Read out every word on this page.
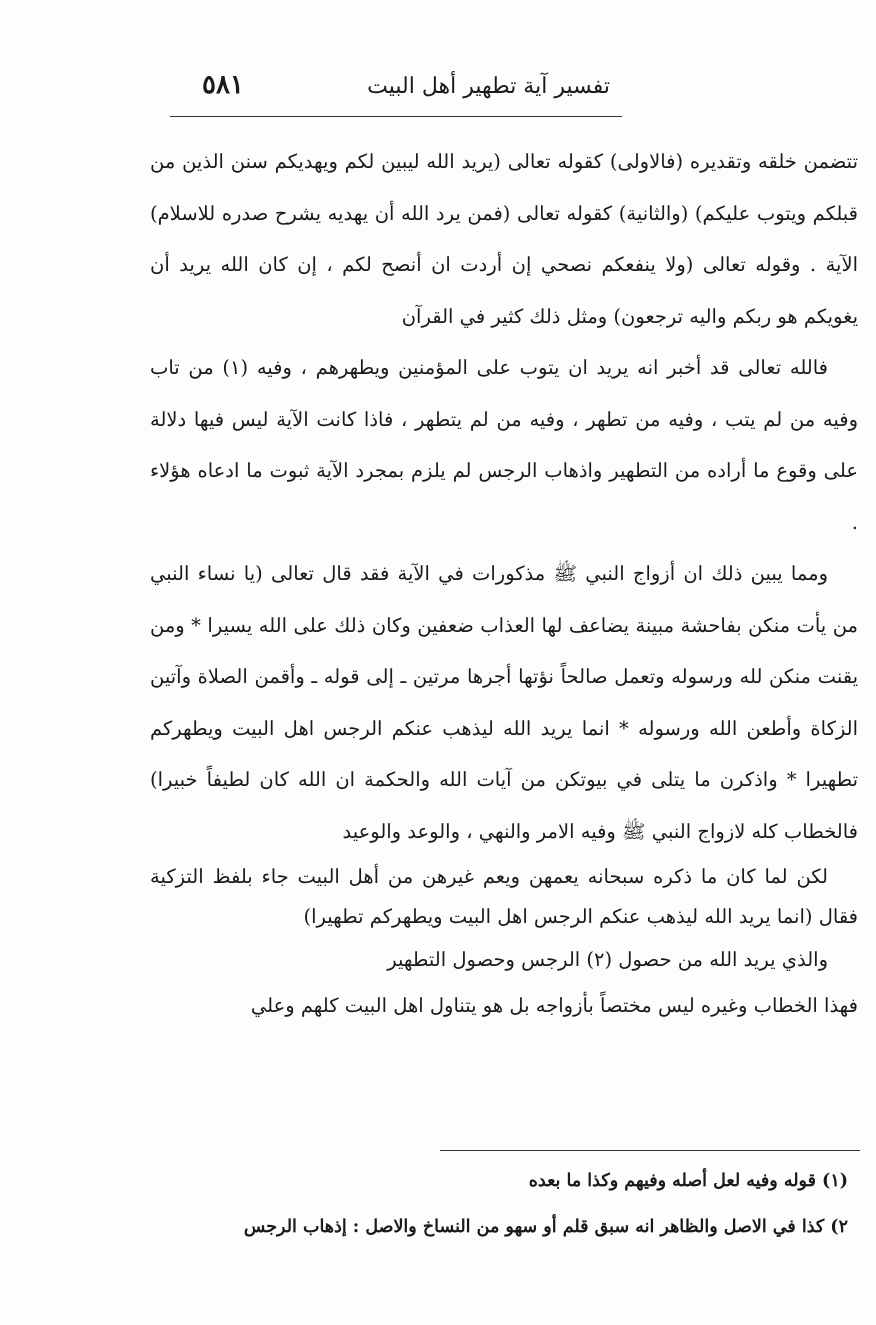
تفسير آية تطهير أهل البيت
٥٨١

تتضمن خلقه وتقديره (فالاولى) كقوله تعالى (يريد الله ليبين لكم ويهديكم سنن الذين من قبلكم ويتوب عليكم) (والثانية) كقوله تعالى (فمن يرد الله أن يهديه يشرح صدره للاسلام) الآية . وقوله تعالى (ولا ينفعكم نصحي إن أردت ان أنصح لكم ، إن كان الله يريد أن يغويكم هو ربكم واليه ترجعون) ومثل ذلك كثير في القرآن

فالله تعالى قد أخبر انه يريد ان يتوب على المؤمنين ويطهرهم ، وفيه (١) من تاب وفيه من لم يتب ، وفيه من تطهر ، وفيه من لم يتطهر ، فاذا كانت الآية ليس فيها دلالة على وقوع ما أراده من التطهير واذهاب الرجس لم يلزم بمجرد الآية ثبوت ما ادعاه هؤلاء .

ومما يبين ذلك ان أزواج النبي ﷺ مذكورات في الآية فقد قال تعالى (يا نساء النبي من يأت منكن بفاحشة مبينة يضاعف لها العذاب ضعفين وكان ذلك على الله يسيرا * ومن يقنت منكن لله ورسوله وتعمل صالحاً نؤتها أجرها مرتين ـ إلى قوله ـ وأقمن الصلاة وآتين الزكاة وأطعن الله ورسوله * انما يريد الله ليذهب عنكم الرجس اهل البيت ويطهركم تطهيرا * واذكرن ما يتلى في بيوتكن من آيات الله والحكمة ان الله كان لطيفاً خبيرا) فالخطاب كله لازواج النبي ﷺ وفيه الامر والنهي ، والوعد والوعيد

لكن لما كان ما ذكره سبحانه يعمهن ويعم غيرهن من أهل البيت جاء بلفظ التزكية فقال (انما يريد الله ليذهب عنكم الرجس اهل البيت ويطهركم تطهيرا)

والذي يريد الله من حصول (٢) الرجس وحصول التطهير

فهذا الخطاب وغيره ليس مختصاً بأزواجه بل هو يتناول اهل البيت كلهم وعلي

(١) قوله وفيه لعل أصله وفيهم وكذا ما بعده

٢) كذا في الاصل والظاهر انه سبق قلم أو سهو من النساخ والاصل : إذهاب الرجس
